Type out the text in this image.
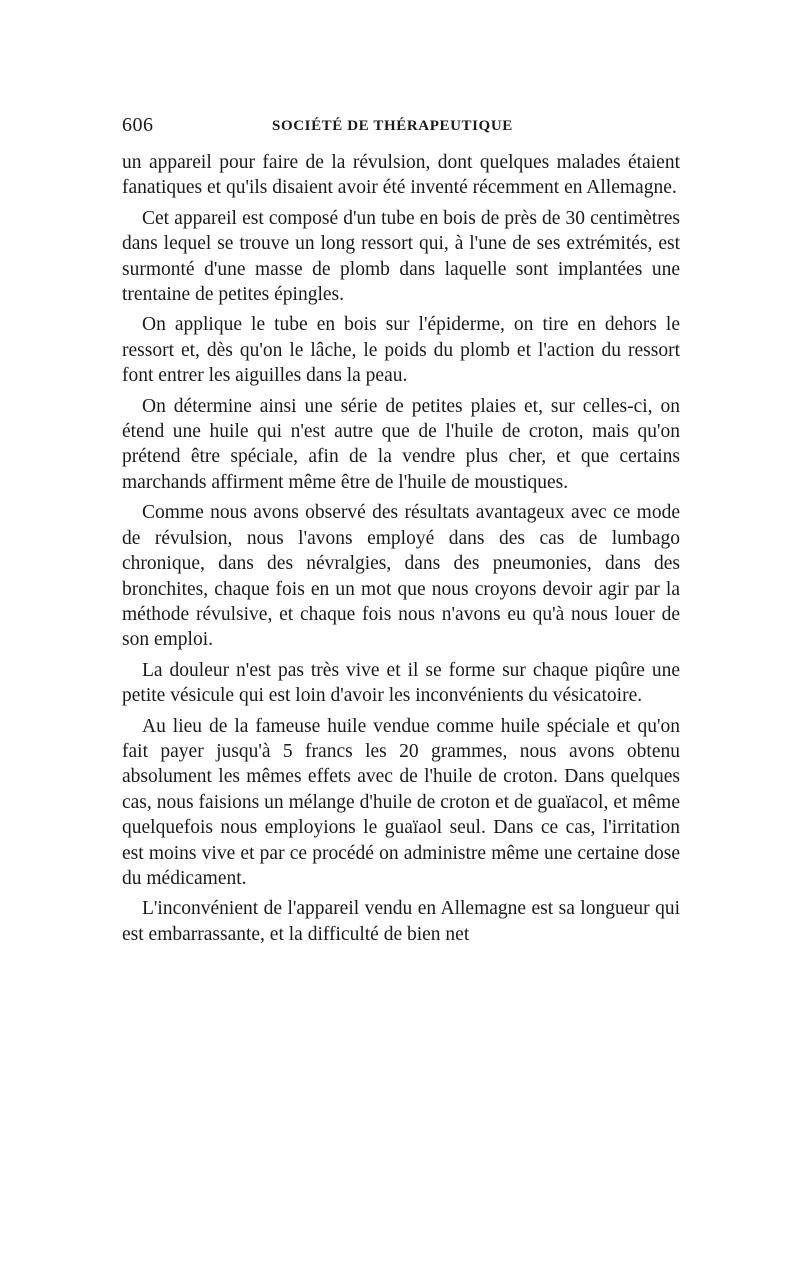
606	SOCIÉTÉ DE THÉRAPEUTIQUE

un appareil pour faire de la révulsion, dont quelques malades étaient fanatiques et qu'ils disaient avoir été inventé récemment en Allemagne.

Cet appareil est composé d'un tube en bois de près de 30 centimètres dans lequel se trouve un long ressort qui, à l'une de ses extrémités, est surmonté d'une masse de plomb dans laquelle sont implantées une trentaine de petites épingles.

On applique le tube en bois sur l'épiderme, on tire en dehors le ressort et, dès qu'on le lâche, le poids du plomb et l'action du ressort font entrer les aiguilles dans la peau.

On détermine ainsi une série de petites plaies et, sur celles-ci, on étend une huile qui n'est autre que de l'huile de croton, mais qu'on prétend être spéciale, afin de la vendre plus cher, et que certains marchands affirment même être de l'huile de moustiques.

Comme nous avons observé des résultats avantageux avec ce mode de révulsion, nous l'avons employé dans des cas de lumbago chronique, dans des névralgies, dans des pneumonies, dans des bronchites, chaque fois en un mot que nous croyons devoir agir par la méthode révulsive, et chaque fois nous n'avons eu qu'à nous louer de son emploi.

La douleur n'est pas très vive et il se forme sur chaque piqûre une petite vésicule qui est loin d'avoir les inconvénients du vésicatoire.

Au lieu de la fameuse huile vendue comme huile spéciale et qu'on fait payer jusqu'à 5 francs les 20 grammes, nous avons obtenu absolument les mêmes effets avec de l'huile de croton. Dans quelques cas, nous faisions un mélange d'huile de croton et de guaïacol, et même quelquefois nous employions le guaïaol seul. Dans ce cas, l'irritation est moins vive et par ce procédé on administre même une certaine dose du médicament.

L'inconvénient de l'appareil vendu en Allemagne est sa longueur qui est embarrassante, et la difficulté de bien net
